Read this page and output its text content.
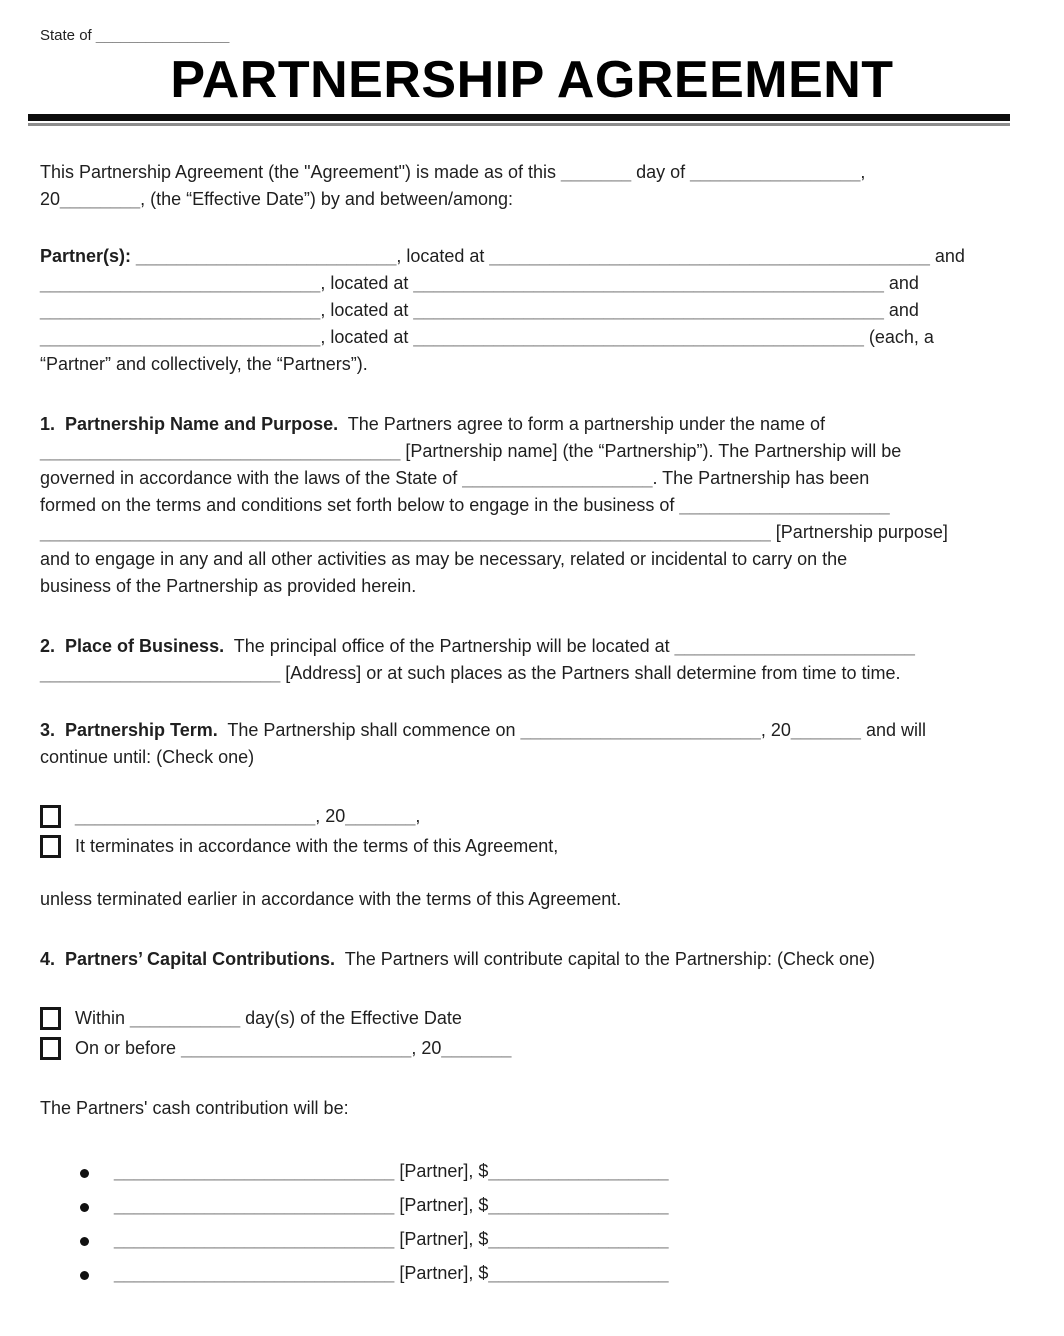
State of ________________
PARTNERSHIP AGREEMENT
This Partnership Agreement (the "Agreement") is made as of this _______ day of _________________,
20________, (the “Effective Date”) by and between/among:
Partner(s): __________________________, located at ____________________________________________ and
____________________________, located at _______________________________________________ and
____________________________, located at _______________________________________________ and
____________________________, located at _____________________________________________ (each, a
“Partner” and collectively, the “Partners”).
1.  Partnership Name and Purpose.  The Partners agree to form a partnership under the name of
____________________________________ [Partnership name] (the “Partnership”). The Partnership will be
governed in accordance with the laws of the State of ___________________. The Partnership has been
formed on the terms and conditions set forth below to engage in the business of _____________________
_________________________________________________________________________ [Partnership purpose]
and to engage in any and all other activities as may be necessary, related or incidental to carry on the
business of the Partnership as provided herein.
2.  Place of Business.  The principal office of the Partnership will be located at ________________________
________________________ [Address] or at such places as the Partners shall determine from time to time.
3.  Partnership Term.  The Partnership shall commence on ________________________, 20_______ and will
continue until: (Check one)
________________________, 20_______,
It terminates in accordance with the terms of this Agreement,
unless terminated earlier in accordance with the terms of this Agreement.
4.  Partners’ Capital Contributions.  The Partners will contribute capital to the Partnership: (Check one)
Within ___________ day(s) of the Effective Date
On or before _______________________, 20_______
The Partners' cash contribution will be:
____________________________ [Partner], $__________________
____________________________ [Partner], $__________________
____________________________ [Partner], $__________________
____________________________ [Partner], $__________________
